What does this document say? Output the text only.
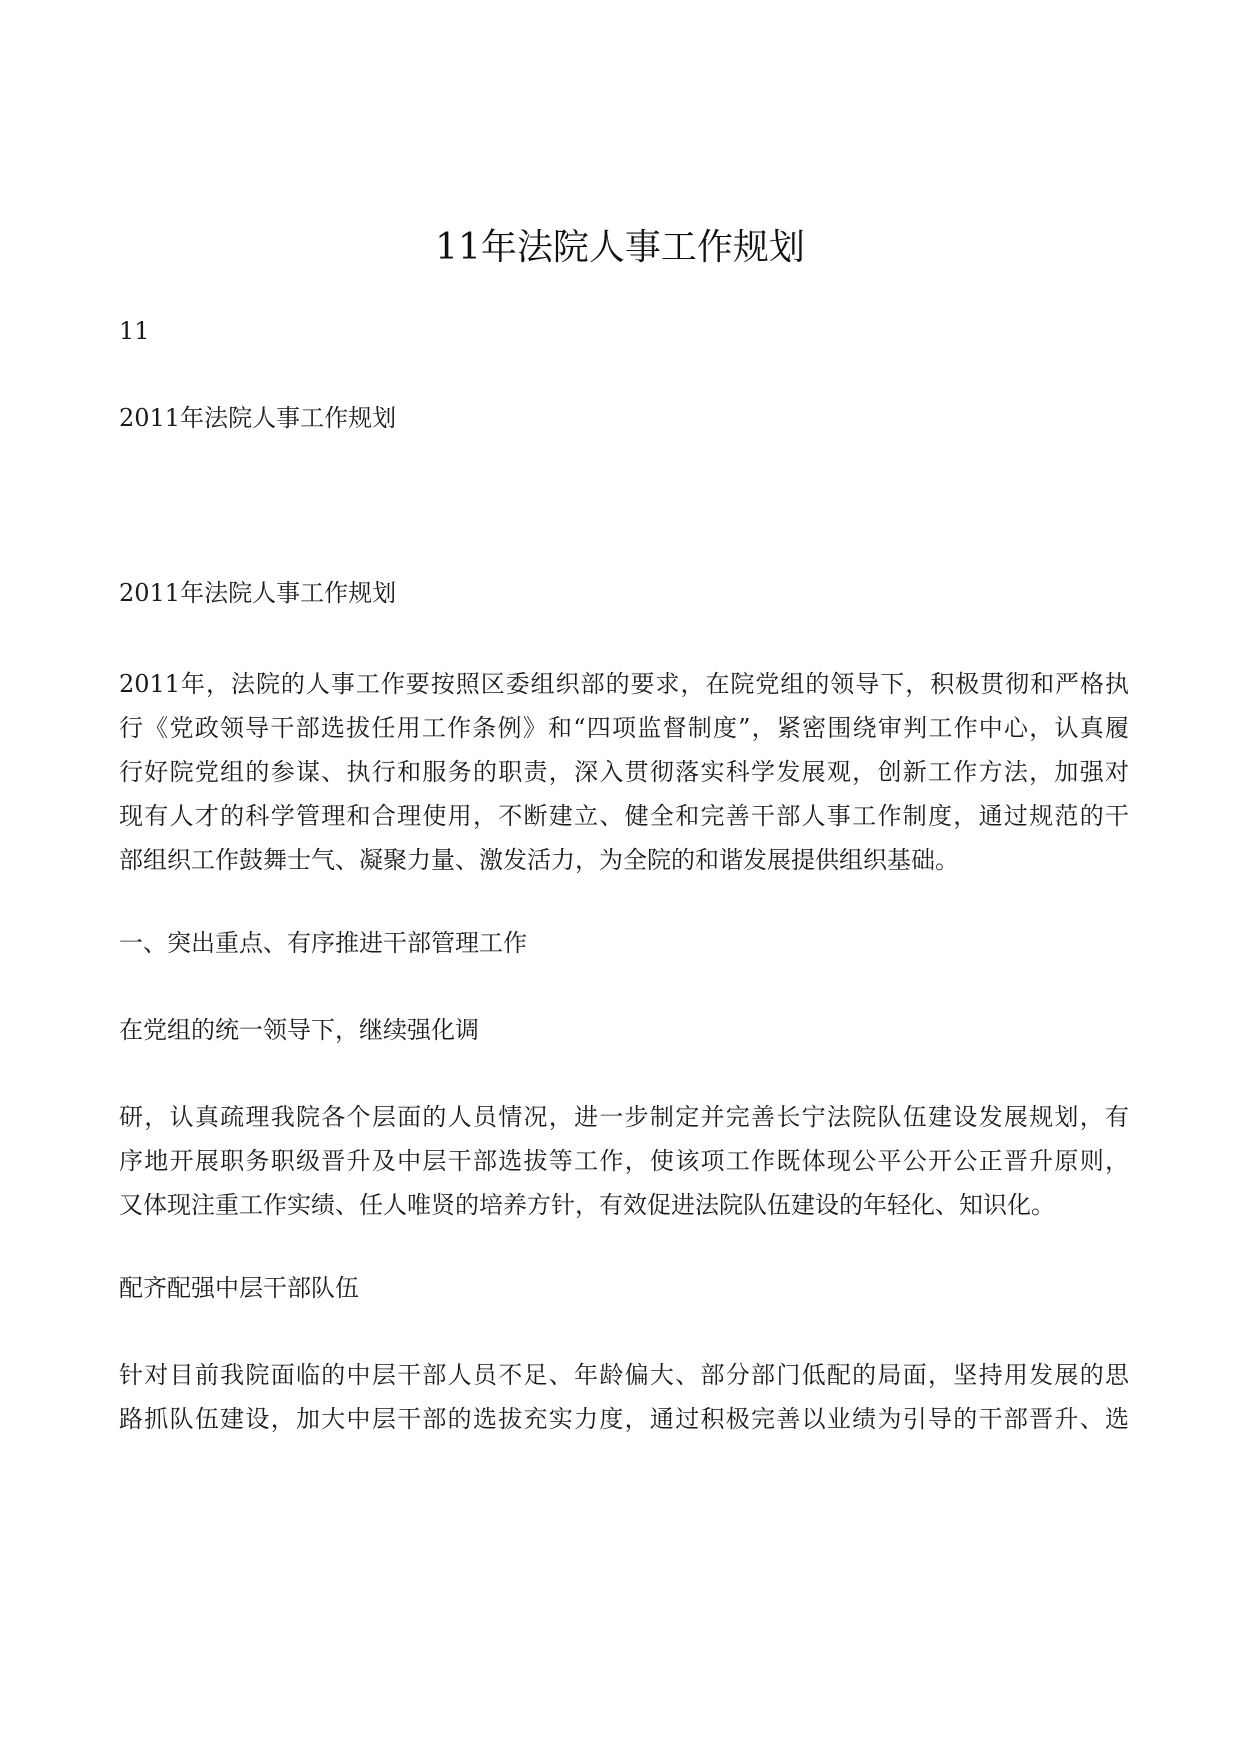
11年法院人事工作规划

11

2011年法院人事工作规划

2011年法院人事工作规划

2011年，法院的人事工作要按照区委组织部的要求，在院党组的领导下，积极贯彻和严格执
行《党政领导干部选拔任用工作条例》和“四项监督制度”，紧密围绕审判工作中心，认真履
行好院党组的参谋、执行和服务的职责，深入贯彻落实科学发展观，创新工作方法，加强对
现有人才的科学管理和合理使用，不断建立、健全和完善干部人事工作制度，通过规范的干
部组织工作鼓舞士气、凝聚力量、激发活力，为全院的和谐发展提供组织基础。

一、突出重点、有序推进干部管理工作

在党组的统一领导下，继续强化调

研，认真疏理我院各个层面的人员情况，进一步制定并完善长宁法院队伍建设发展规划，有
序地开展职务职级晋升及中层干部选拔等工作，使该项工作既体现公平公开公正晋升原则，
又体现注重工作实绩、任人唯贤的培养方针，有效促进法院队伍建设的年轻化、知识化。

配齐配强中层干部队伍

针对目前我院面临的中层干部人员不足、年龄偏大、部分部门低配的局面，坚持用发展的思
路抓队伍建设，加大中层干部的选拔充实力度，通过积极完善以业绩为引导的干部晋升、选
